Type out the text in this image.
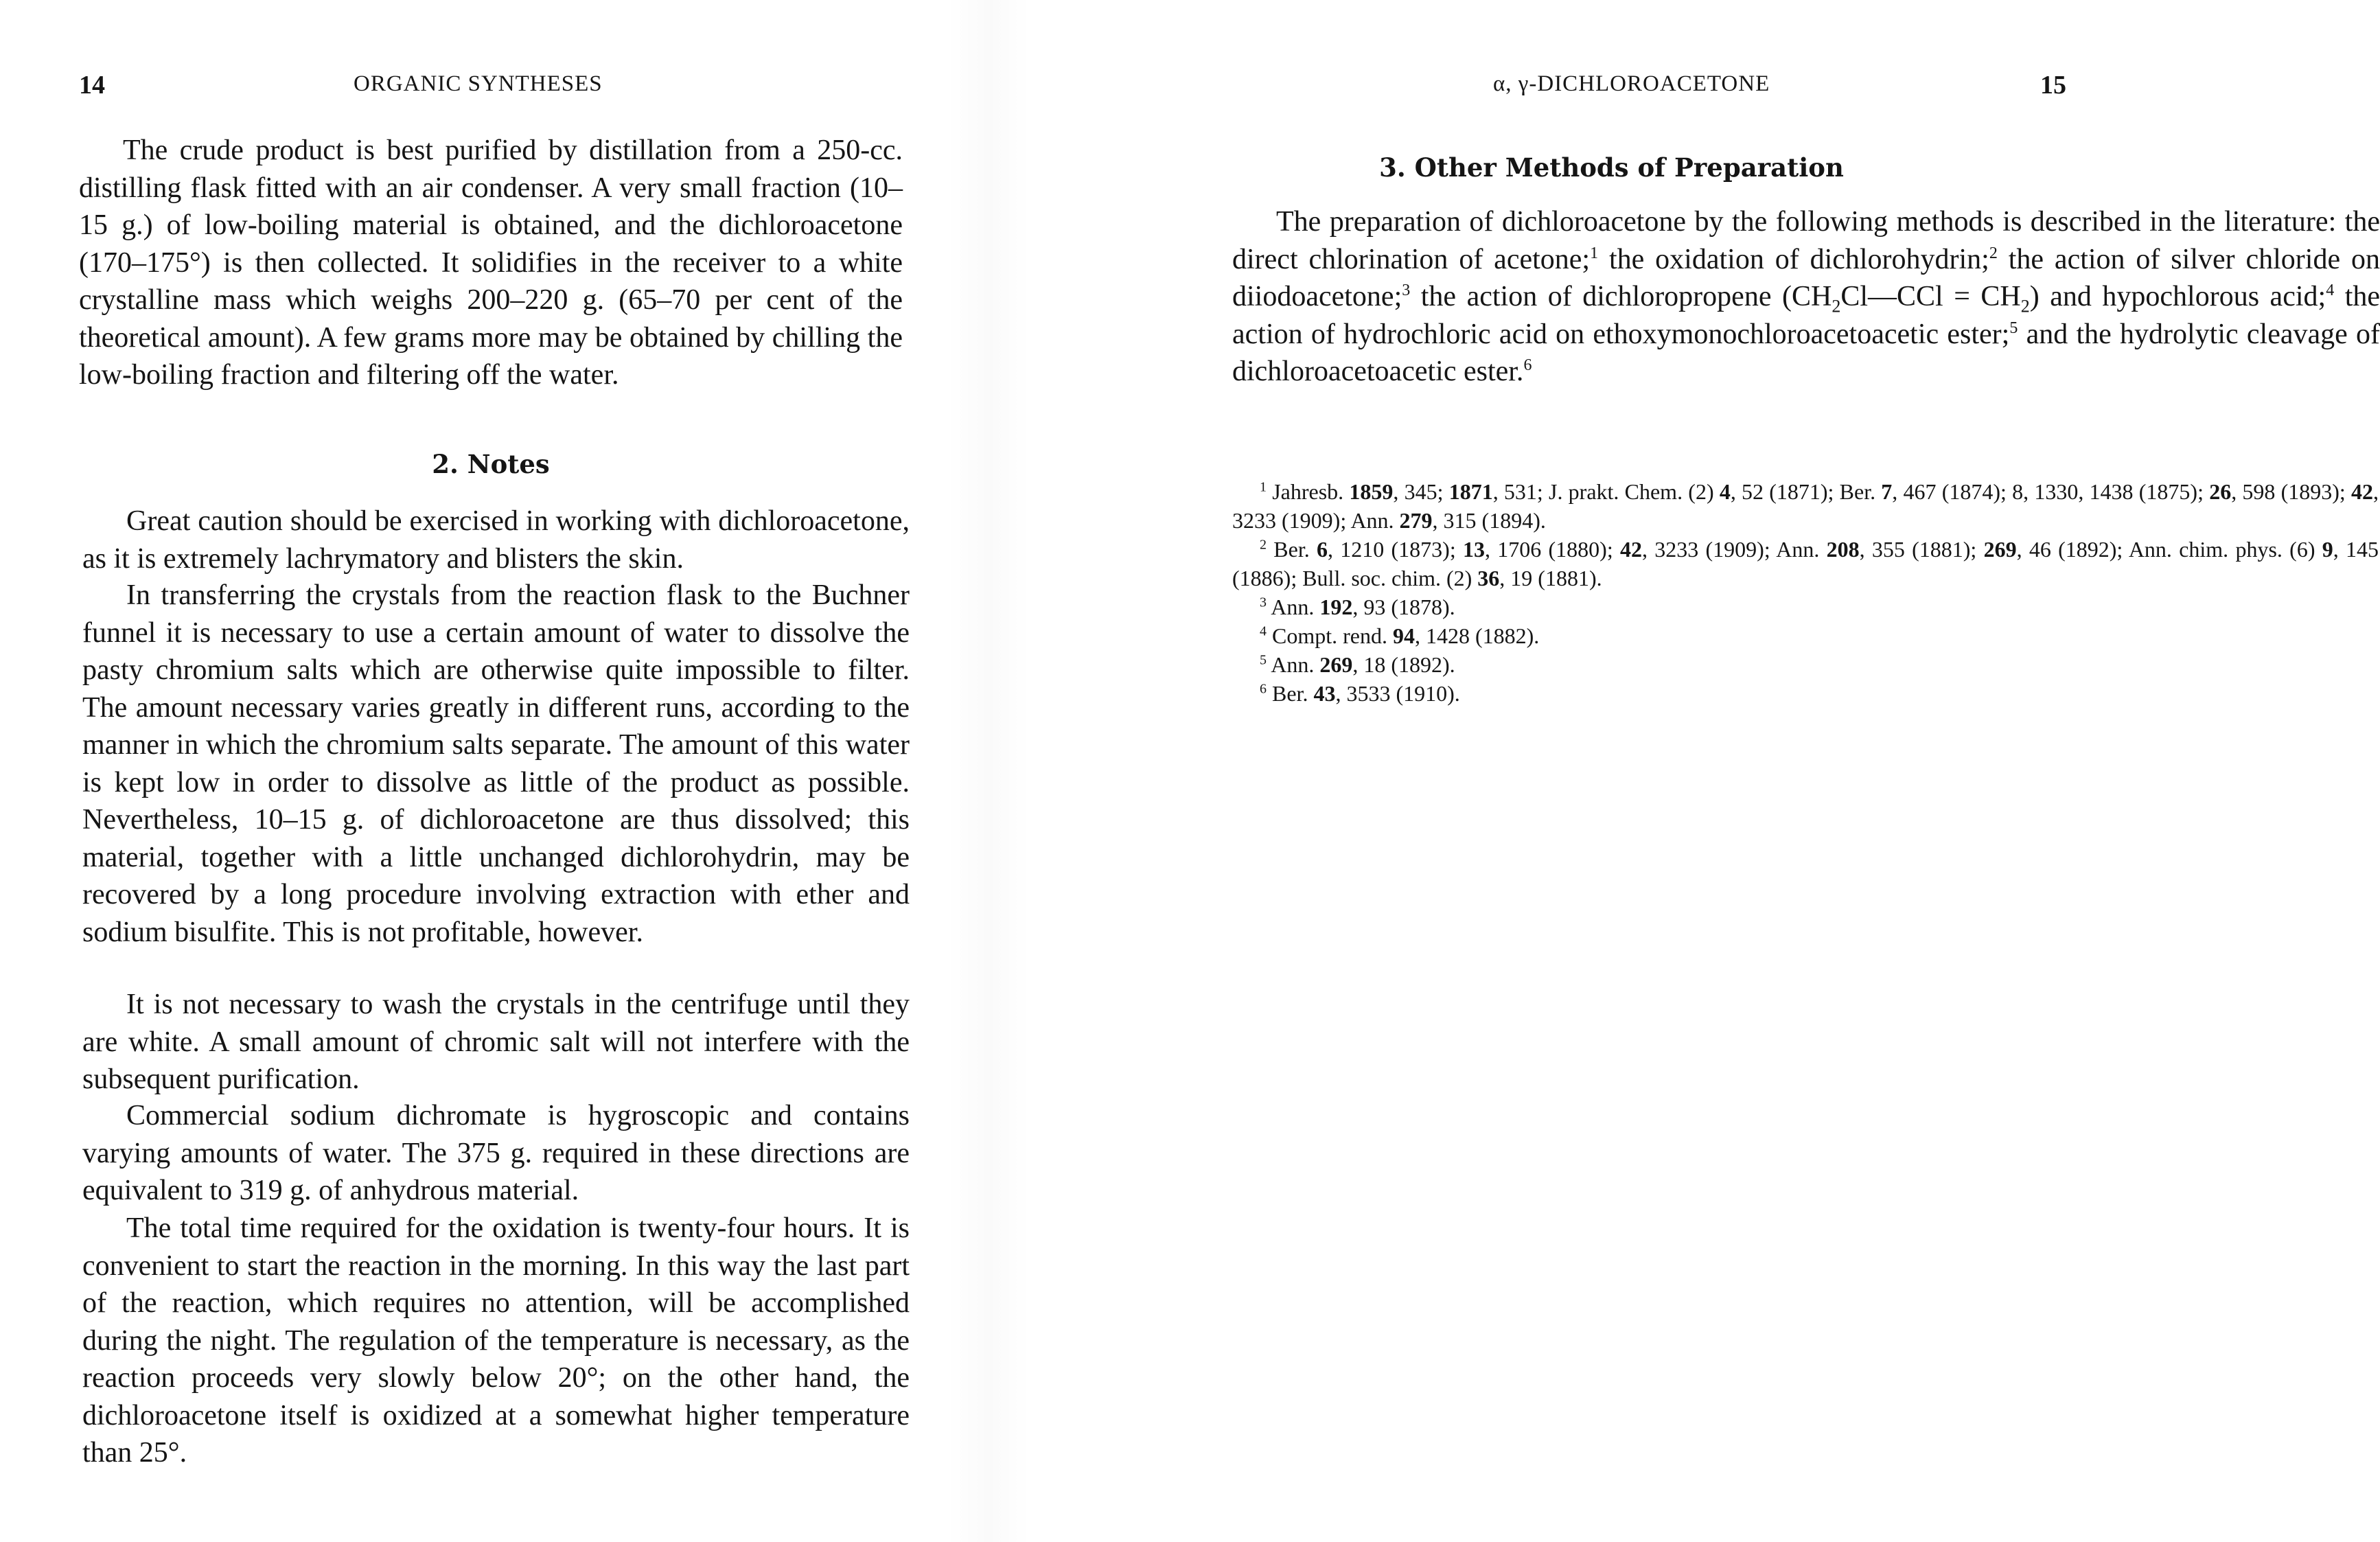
14	ORGANIC SYNTHESES

The crude product is best purified by distillation from a 250-cc. distilling flask fitted with an air condenser. A very small fraction (10–15 g.) of low-boiling material is obtained, and the dichloroacetone (170–175°) is then collected. It solidifies in the receiver to a white crystalline mass which weighs 200–220 g. (65–70 per cent of the theoretical amount). A few grams more may be obtained by chilling the low-boiling fraction and filtering off the water.

2. Notes

Great caution should be exercised in working with dichloroacetone, as it is extremely lachrymatory and blisters the skin.

In transferring the crystals from the reaction flask to the Buchner funnel it is necessary to use a certain amount of water to dissolve the pasty chromium salts which are otherwise quite impossible to filter. The amount necessary varies greatly in different runs, according to the manner in which the chromium salts separate. The amount of this water is kept low in order to dissolve as little of the product as possible. Nevertheless, 10–15 g. of dichloroacetone are thus dissolved; this material, together with a little unchanged dichlorohydrin, may be recovered by a long procedure involving extraction with ether and sodium bisulfite. This is not profitable, however.

It is not necessary to wash the crystals in the centrifuge until they are white. A small amount of chromic salt will not interfere with the subsequent purification.

Commercial sodium dichromate is hygroscopic and contains varying amounts of water. The 375 g. required in these directions are equivalent to 319 g. of anhydrous material.

The total time required for the oxidation is twenty-four hours. It is convenient to start the reaction in the morning. In this way the last part of the reaction, which requires no attention, will be accomplished during the night. The regulation of the temperature is necessary, as the reaction proceeds very slowly below 20°; on the other hand, the dichloroacetone itself is oxidized at a somewhat higher temperature than 25°.

α, γ-DICHLOROACETONE	15
3. Other Methods of Preparation

The preparation of dichloroacetone by the following methods is described in the literature: the direct chlorination of acetone;$^1$ the oxidation of dichlorohydrin;$^2$ the action of silver chloride on diiodoacetone;$^3$ the action of dichloropropene $(CH_2Cl—CCl = CH_2)$ and hypochlorous acid;$^4$ the action of hydrochloric acid on ethoxymonochloroacetoacetic ester;$^5$ and the hydrolytic cleavage of dichloroacetoacetic ester.$^6$

$^1$ Jahresb. 1859, 345; 1871, 531; J. prakt. Chem. (2) 4, 52 (1871); Ber. 7, 467 (1874); 8, 1330, 1438 (1875); 26, 598 (1893); 42, 3233 (1909); Ann. 279, 315 (1894).

$^2$ Ber. 6, 1210 (1873); 13, 1706 (1880); 42, 3233 (1909); Ann. 208, 355 (1881); 269, 46 (1892); Ann. chim. phys. (6) 9, 145 (1886); Bull. soc. chim. (2) 36, 19 (1881).

$^3$ Ann. 192, 93 (1878).

$^4$ Compt. rend. 94, 1428 (1882).

$^5$ Ann. 269, 18 (1892).

$^6$ Ber. 43, 3533 (1910).
